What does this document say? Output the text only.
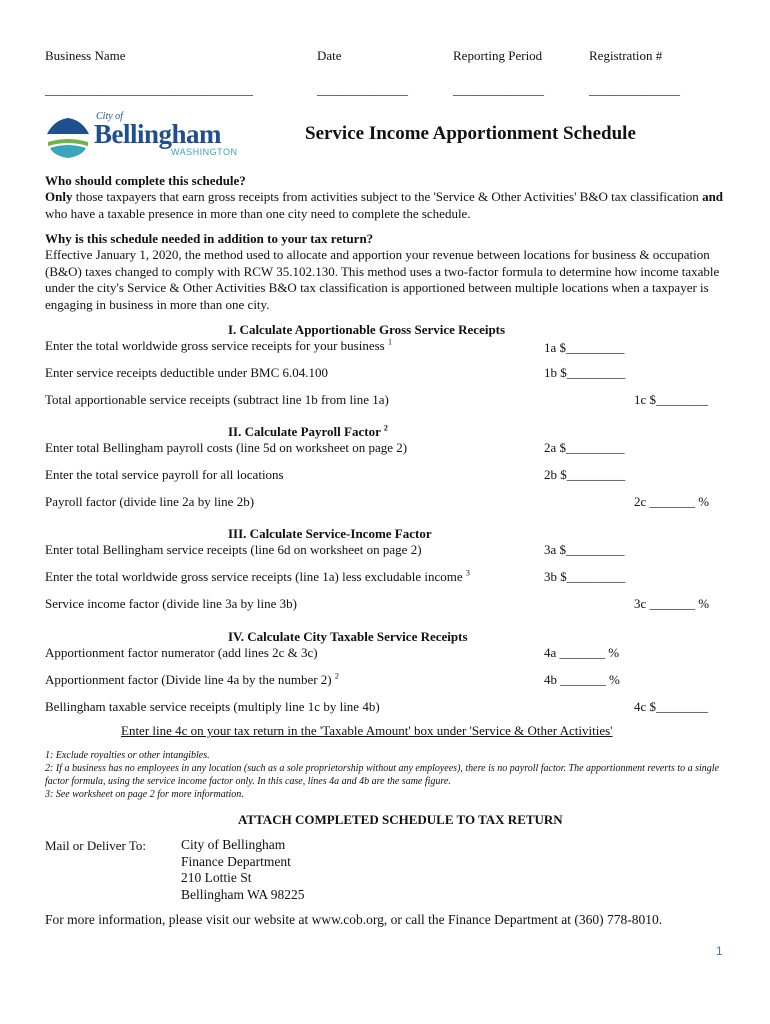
Business Name	Date	Reporting Period	Registration #
________________________________	______________	______________	______________
City of
Bellingham
WASHINGTON
Service Income Apportionment Schedule
Who should complete this schedule?
Only those taxpayers that earn gross receipts from activities subject to the 'Service & Other Activities' B&O tax classification and who have a taxable presence in more than one city need to complete the schedule.
Why is this schedule needed in addition to your tax return?
Effective January 1, 2020, the method used to allocate and apportion your revenue between locations for business & occupation (B&O) taxes changed to comply with RCW 35.102.130. This method uses a two-factor formula to determine how income taxable under the city's Service & Other Activities B&O tax classification is apportioned between multiple locations when a taxpayer is engaging in business in more than one city.
I. Calculate Apportionable Gross Service Receipts
Enter the total worldwide gross service receipts for your business $^1$	1a $_________
Enter service receipts deductible under BMC 6.04.100	1b $_________
Total apportionable service receipts (subtract line 1b from line 1a)	1c $________
II. Calculate Payroll Factor $^2$
Enter total Bellingham payroll costs (line 5d on worksheet on page 2)	2a $_________
Enter the total service payroll for all locations	2b $_________
Payroll factor (divide line 2a by line 2b)	2c _______ %
III. Calculate Service-Income Factor
Enter total Bellingham service receipts (line 6d on worksheet on page 2)	3a $_________
Enter the total worldwide gross service receipts (line 1a) less excludable income $^3$	3b $_________
Service income factor (divide line 3a by line 3b)	3c _______ %
IV. Calculate City Taxable Service Receipts
Apportionment factor numerator (add lines 2c & 3c)	4a _______ %
Apportionment factor (Divide line 4a by the number 2) $^2$	4b _______ %
Bellingham taxable service receipts (multiply line 1c by line 4b)	4c $________
Enter line 4c on your tax return in the 'Taxable Amount' box under 'Service & Other Activities'
1: Exclude royalties or other intangibles.
2: If a business has no employees in any location (such as a sole proprietorship without any employees), there is no payroll factor. The apportionment reverts to a single factor formula, using the service income factor only. In this case, lines 4a and 4b are the same figure.
3: See worksheet on page 2 for more information.
ATTACH COMPLETED SCHEDULE TO TAX RETURN
Mail or Deliver To:	City of Bellingham
Finance Department
210 Lottie St
Bellingham WA 98225
For more information, please visit our website at www.cob.org, or call the Finance Department at (360) 778-8010.
1
